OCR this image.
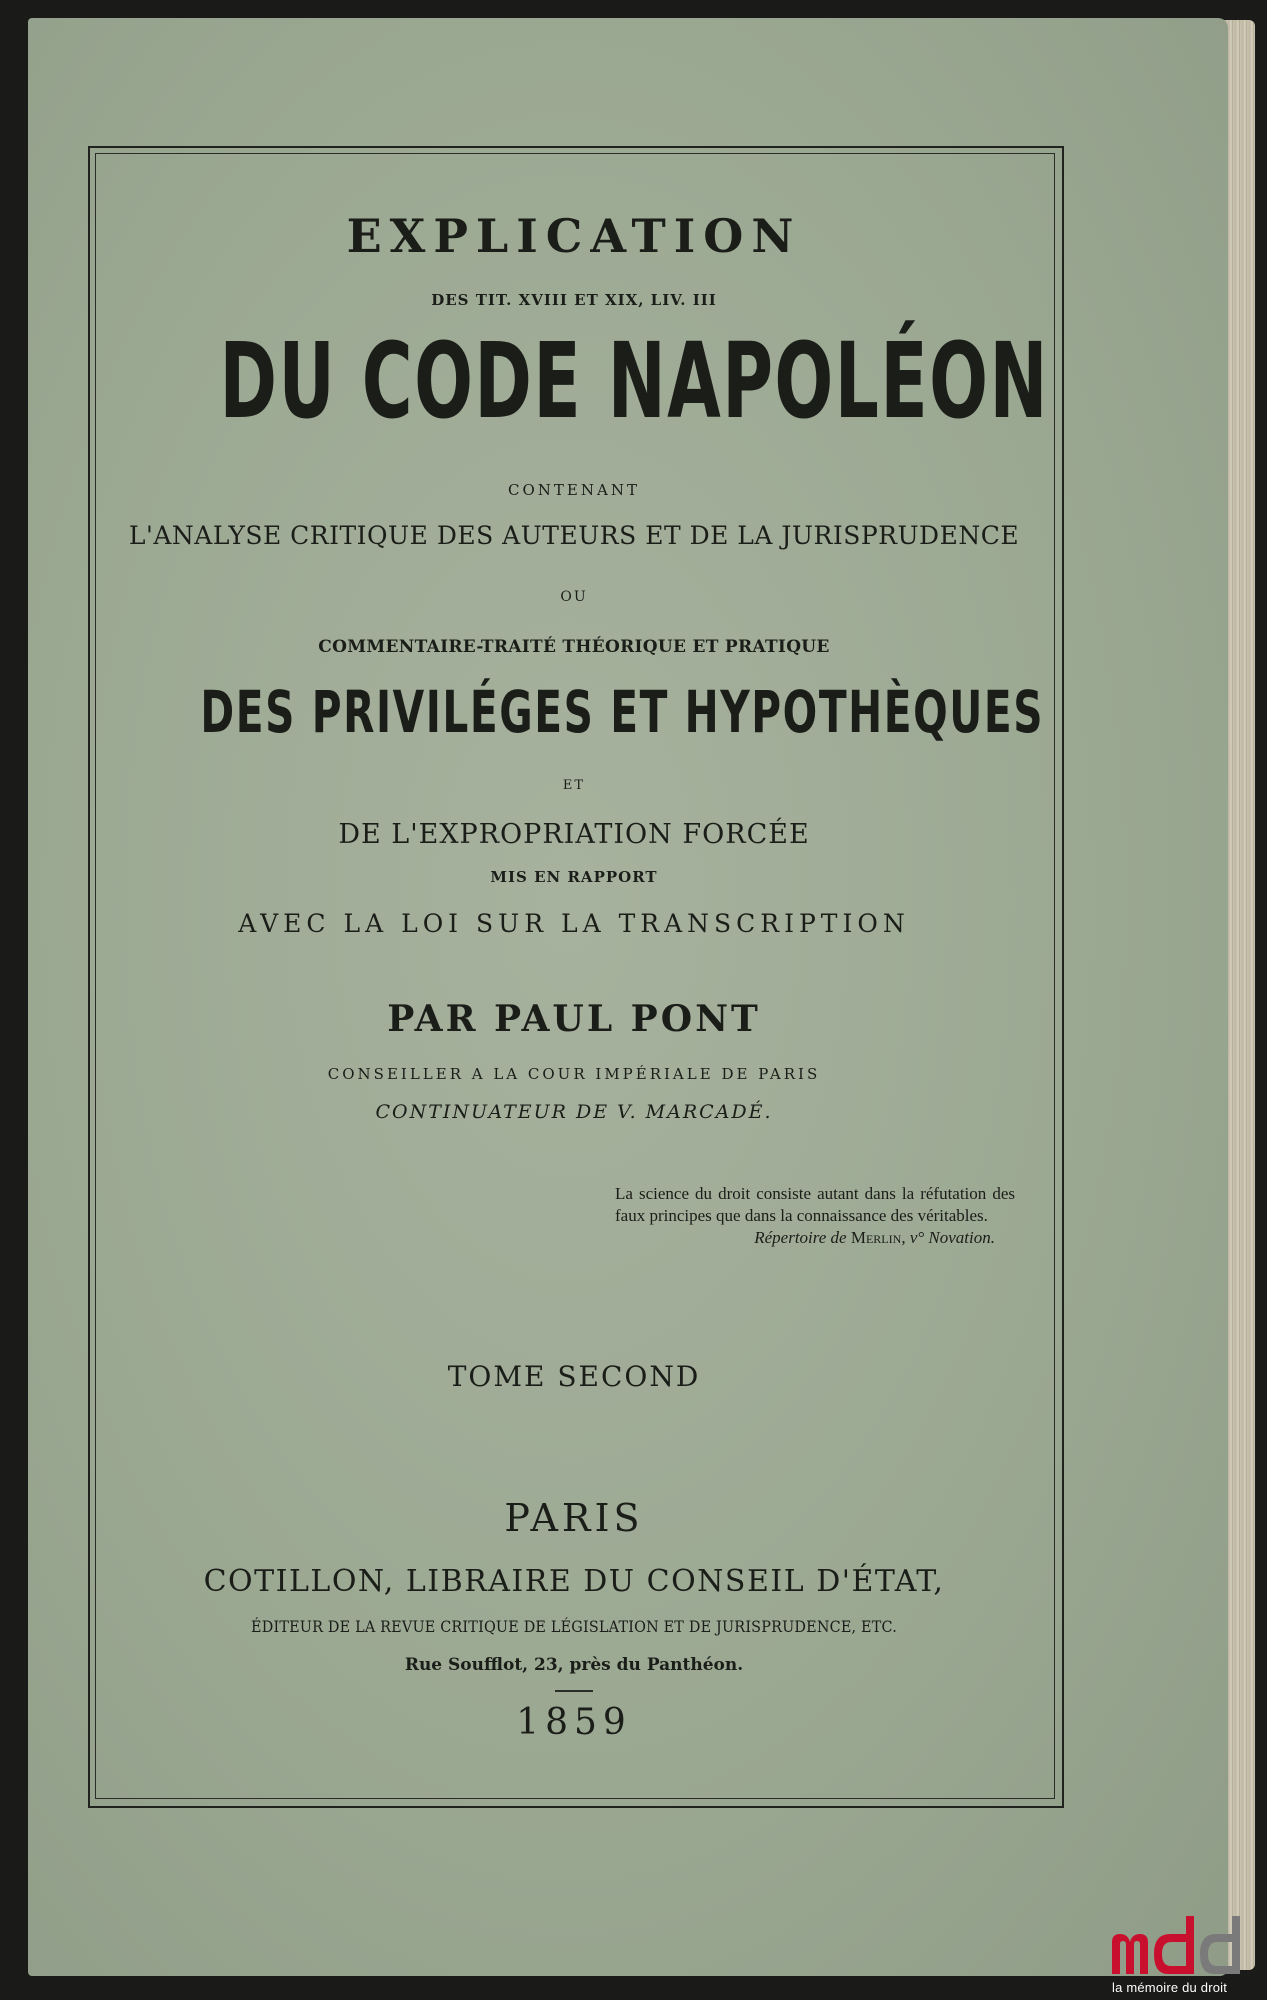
EXPLICATION
DES TIT. XVIII ET XIX, LIV. III
DU CODE NAPOLÉON
CONTENANT
L'ANALYSE CRITIQUE DES AUTEURS ET DE LA JURISPRUDENCE
OU
COMMENTAIRE-TRAITÉ THÉORIQUE ET PRATIQUE
DES PRIVILÉGES ET HYPOTHÈQUES
ET
DE L'EXPROPRIATION FORCÉE
MIS EN RAPPORT
AVEC LA LOI SUR LA TRANSCRIPTION
PAR PAUL PONT
CONSEILLER A LA COUR IMPÉRIALE DE PARIS
CONTINUATEUR DE V. MARCADÉ.
La science du droit consiste autant dans la réfutation des faux principes que dans la connaissance des véritables.
Répertoire de Merlin, v° Novation.
TOME SECOND
PARIS
COTILLON, LIBRAIRE DU CONSEIL D'ÉTAT,
ÉDITEUR DE LA REVUE CRITIQUE DE LÉGISLATION ET DE JURISPRUDENCE, ETC.
Rue Soufflot, 23, près du Panthéon.
1859
la mémoire du droit
